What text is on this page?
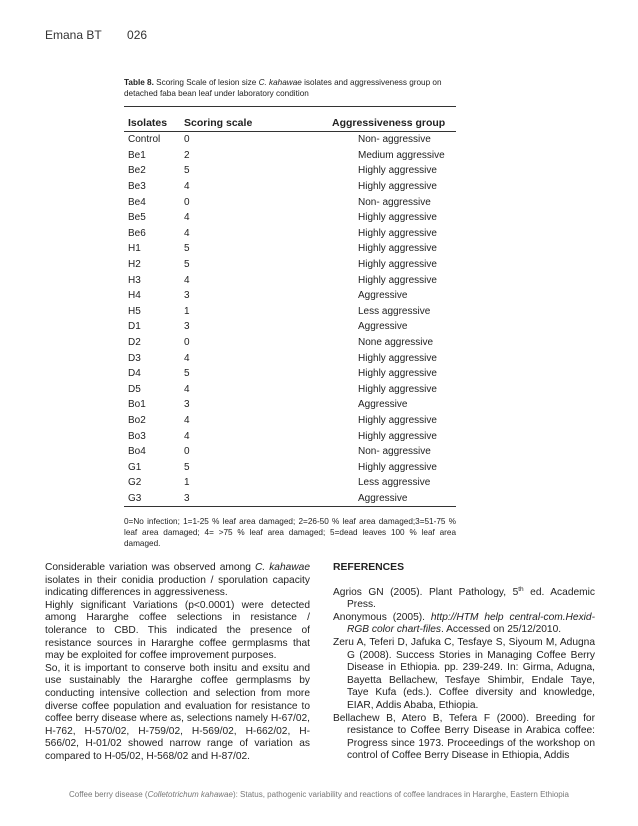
Emana BT 026
Table 8. Scoring Scale of lesion size C. kahawae isolates and aggressiveness group on detached faba bean leaf under laboratory condition
Isolates	Scoring scale	Aggressiveness group
Control	0	Non- aggressive
Be1	2	Medium aggressive
Be2	5	Highly aggressive
Be3	4	Highly aggressive
Be4	0	Non- aggressive
Be5	4	Highly aggressive
Be6	4	Highly aggressive
H1	5	Highly aggressive
H2	5	Highly aggressive
H3	4	Highly aggressive
H4	3	Aggressive
H5	1	Less aggressive
D1	3	Aggressive
D2	0	None aggressive
D3	4	Highly aggressive
D4	5	Highly aggressive
D5	4	Highly aggressive
Bo1	3	Aggressive
Bo2	4	Highly aggressive
Bo3	4	Highly aggressive
Bo4	0	Non- aggressive
G1	5	Highly aggressive
G2	1	Less aggressive
G3	3	Aggressive
0=No infection; 1=1-25 % leaf area damaged; 2=26-50 % leaf area damaged;3=51-75 % leaf area damaged; 4= >75 % leaf area damaged; 5=dead leaves 100 % leaf area damaged.

Considerable variation was observed among C. kahawae isolates in their conidia production / sporulation capacity indicating differences in aggressiveness.

Highly significant Variations (p<0.0001) were detected among Hararghe coffee selections in resistance / tolerance to CBD. This indicated the presence of resistance sources in Hararghe coffee germplasms that may be exploited for coffee improvement purposes.

So, it is important to conserve both insitu and exsitu and use sustainably the Hararghe coffee germplasms by conducting intensive collection and selection from more diverse coffee population and evaluation for resistance to coffee berry disease where as, selections namely H-67/02, H-762, H-570/02, H-759/02, H-569/02, H-662/02, H-566/02, H-01/02 showed narrow range of variation as compared to H-05/02, H-568/02 and H-87/02.

REFERENCES

Agrios GN (2005). Plant Pathology, 5th ed. Academic Press.

Anonymous (2005). http://HTM help central-com.Hexid-RGB color chart-files. Accessed on 25/12/2010.

Zeru A, Teferi D, Jafuka C, Tesfaye S, Siyoum M, Adugna G (2008). Success Stories in Managing Coffee Berry Disease in Ethiopia. pp. 239-249. In: Girma, Adugna, Bayetta Bellachew, Tesfaye Shimbir, Endale Taye, Taye Kufa (eds.). Coffee diversity and knowledge, EIAR, Addis Ababa, Ethiopia.

Bellachew B, Atero B, Tefera F (2000). Breeding for resistance to Coffee Berry Disease in Arabica coffee: Progress since 1973. Proceedings of the workshop on control of Coffee Berry Disease in Ethiopia, Addis

Coffee berry disease (Colletotrichum kahawae): Status, pathogenic variability and reactions of coffee landraces in Hararghe, Eastern Ethiopia
